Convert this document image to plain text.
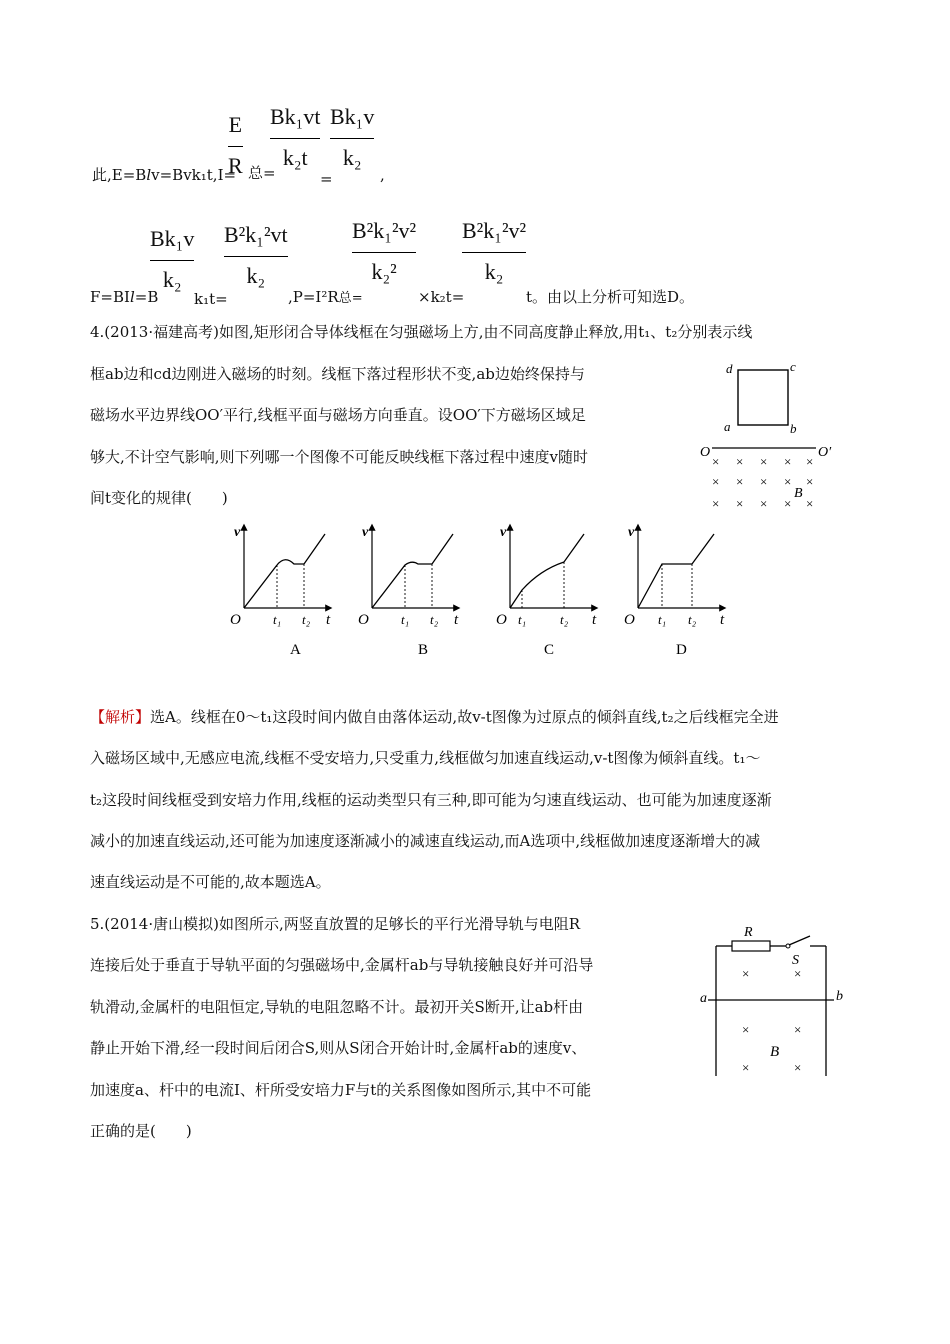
此,E=Blv=Bvk₁t,I=
E
R 总=
Bk₁vt
k₂t
=
Bk₁v
k₂
,
F=BIl=B
Bk₁v
k₂
k₁t=
B²k₁²vt
k₂
,P=I²R总=
B²k₁²v²
k₂²
×k₂t=
B²k₁²v²
k₂
t。由以上分析可知选D。
4.(2013·福建高考)如图,矩形闭合导体线框在匀强磁场上方,由不同高度静止释放,用t₁、t₂分别表示线
框ab边和cd边刚进入磁场的时刻。线框下落过程形状不变,ab边始终保持与
磁场水平边界线OO′平行,线框平面与磁场方向垂直。设OO′下方磁场区域足
够大,不计空气影响,则下列哪一个图像不可能反映线框下落过程中速度v随时
间t变化的规律(　　)
d	c
a	b
O	O′
× × × × ×
× × × × ×
× × × × ×
B
v
O t₁ t₂ t
A
v
O t₁ t₂ t
B
v
O t₁	t₂ t
C
v
O t₁ t₂ t
D
【解析】选A。线框在0～t₁这段时间内做自由落体运动,故v-t图像为过原点的倾斜直线,t₂之后线框完全进
入磁场区域中,无感应电流,线框不受安培力,只受重力,线框做匀加速直线运动,v-t图像为倾斜直线。t₁～
t₂这段时间线框受到安培力作用,线框的运动类型只有三种,即可能为匀速直线运动、也可能为加速度逐渐
减小的加速直线运动,还可能为加速度逐渐减小的减速直线运动,而A选项中,线框做加速度逐渐增大的减
速直线运动是不可能的,故本题选A。
5.(2014·唐山模拟)如图所示,两竖直放置的足够长的平行光滑导轨与电阻R
连接后处于垂直于导轨平面的匀强磁场中,金属杆ab与导轨接触良好并可沿导
轨滑动,金属杆的电阻恒定,导轨的电阻忽略不计。最初开关S断开,让ab杆由
静止开始下滑,经一段时间后闭合S,则从S闭合开始计时,金属杆ab的速度v、
加速度a、杆中的电流I、杆所受安培力F与t的关系图像如图所示,其中不可能
正确的是(　　)
R
S
a	b
×	×
×	×
×	×
B
